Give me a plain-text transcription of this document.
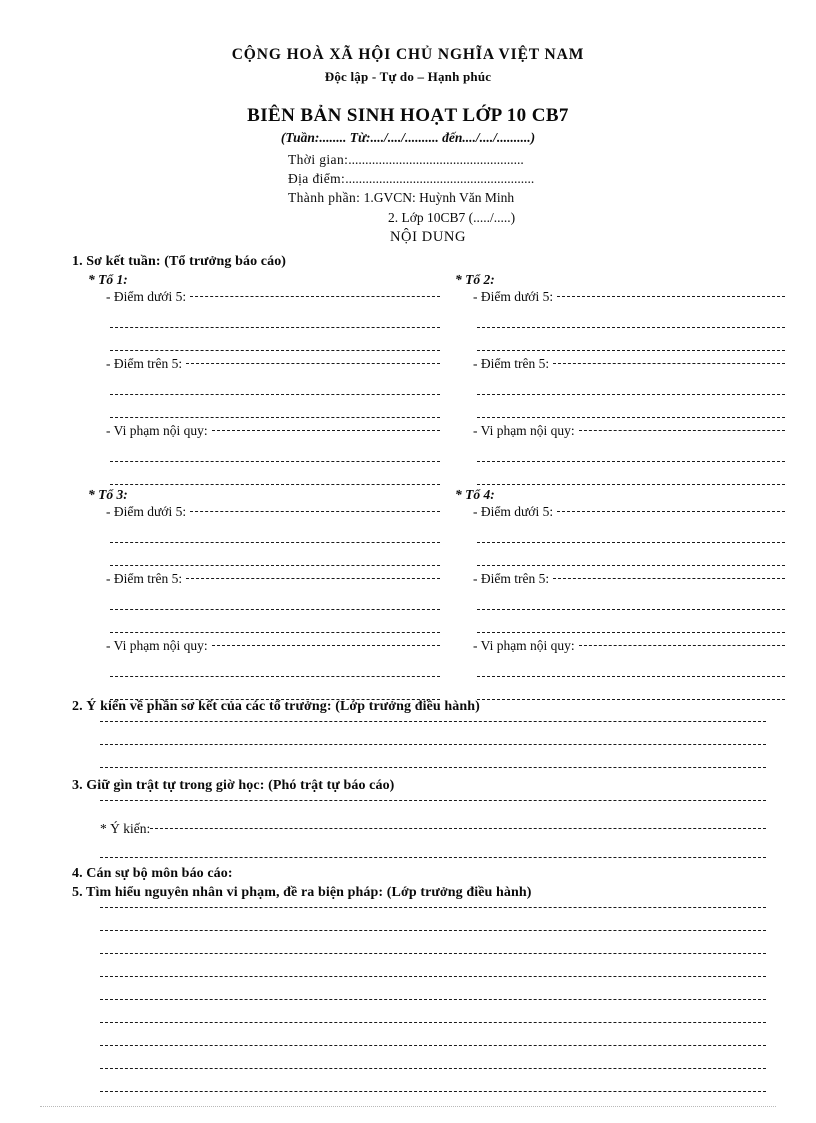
CỘNG HOÀ XÃ HỘI CHỦ NGHĨA VIỆT NAM
Độc lập - Tự do – Hạnh phúc
BIÊN BẢN SINH HOẠT LỚP 10 CB7
(Tuần:........ Từ:..../..../.......... đến..../..../..........)
Thời gian:....................................................
Địa điểm:........................................................
Thành phần: 1.GVCN: Huỳnh Văn Minh
2. Lớp 10CB7 (...../.....)
NỘI DUNG
1. Sơ kết tuần: (Tổ trưởng báo cáo)
* Tổ 1:
- Điểm dưới 5:
- Điểm trên 5:
- Vi phạm nội quy:
* Tổ 2:
- Điểm dưới 5:
- Điểm trên 5:
- Vi phạm nội quy:
* Tổ 3:
- Điểm dưới 5:
- Điểm trên 5:
- Vi phạm nội quy:
* Tổ 4:
- Điểm dưới 5:
- Điểm trên 5:
- Vi phạm nội quy:
2. Ý kiến về phần sơ kết của các tổ trưởng: (Lớp trưởng điều hành)
3. Giữ gìn trật tự trong giờ học: (Phó trật tự báo cáo)
* Ý kiến:
4. Cán sự bộ môn báo cáo:
5. Tìm hiểu nguyên nhân vi phạm, đề ra biện pháp: (Lớp trưởng điều hành)
